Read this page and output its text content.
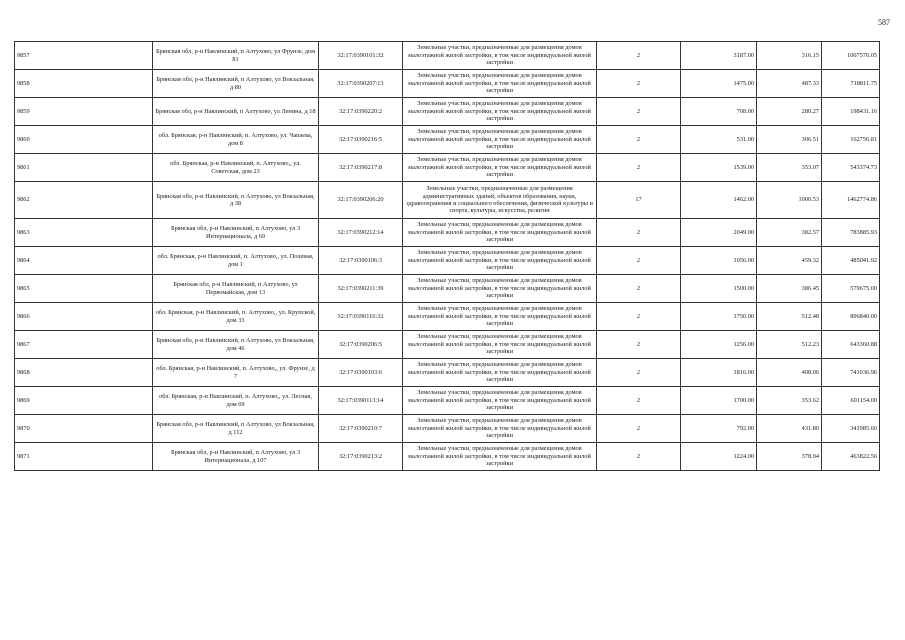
587
9857	Брянская обл, р-н Навлинский, п Алтухово, ул Фрунзе, дом 81	32:17:0390101:32	Земельные участки, предназначенные для размещения домов малоэтажной жилой застройки, в том числе индивидуальной жилой застройки	2	3187.00	316.15	1007570.05
9858	Брянская обл, р-н Навлинский, п Алтухово, ул Вокзальная, д 80	32:17:0390207:13	Земельные участки, предназначенные для размещения домов малоэтажной жилой застройки, в том числе индивидуальной жилой застройки	2	1475.00	487.33	718811.75
9859	Брянская обл, р-н Навлинский, п Алтухово, ул Ленина, д 18	32:17:0390220:2	Земельные участки, предназначенные для размещения домов малоэтажной жилой застройки, в том числе индивидуальной жилой застройки	2	708.00	280.27	198431.16
9860	обл. Брянская, р-н Навлинский, п. Алтухово, ул. Чапаева, дом 8	32:17:0390216:5	Земельные участки, предназначенные для размещения домов малоэтажной жилой застройки, в том числе индивидуальной жилой застройки	2	531.00	306.51	162756.81
9861	обл. Брянская, р-н Навлинский, п. Алтухово,, ул. Советская, дом 23	32:17:0390217:8	Земельные участки, предназначенные для размещения домов малоэтажной жилой застройки, в том числе индивидуальной жилой застройки	2	1539.00	353.07	543374.73
9862	Брянская обл, р-н Навлинский, п Алтухово, ул Вокзальная, д 38	32:17:0390206:20	Земельные участки, предназначенные для размещения административных зданий, объектов образования, науки, здравоохранения и социального обеспечения, физической культуры и спорта, культуры, искусства, религии	17	1462.00	1000.53	1462774.86
9863	Брянская обл, р-н Навлинский, п Алтухово, ул 3 Интернационала, д 69	32:17:0390212:14	Земельные участки, предназначенные для размещения домов малоэтажной жилой застройки, в том числе индивидуальной жилой застройки	2	2049.00	382.57	783885.93
9864	обл. Брянская, р-н Навлинский, п. Алтухово,, ул. Полевая, дом 1	32:17:0390106:3	Земельные участки, предназначенные для размещения домов малоэтажной жилой застройки, в том числе индивидуальной жилой застройки	2	1056.00	459.32	485041.92
9865	Брянская обл, р-н Навлинский, п Алтухово, ул Первомайская, дом 13	32:17:0390211:39	Земельные участки, предназначенные для размещения домов малоэтажной жилой застройки, в том числе индивидуальной жилой застройки	2	1500.00	386.45	579675.00
9866	обл. Брянская, р-н Навлинский, п. Алтухово,, ул. Крупской, дом 33	32:17:0390116:32	Земельные участки, предназначенные для размещения домов малоэтажной жилой застройки, в том числе индивидуальной жилой застройки	2	1750.00	512.48	896840.00
9867	Брянская обл, р-н Навлинский, п Алтухово, ул Вокзальная, дом 46	32:17:0390206:5	Земельные участки, предназначенные для размещения домов малоэтажной жилой застройки, в том числе индивидуальной жилой застройки	2	1256.00	512.23	643360.88
9868	обл. Брянская, р-н Навлинский, п. Алтухово,, ул. Фрунзе, д 7	32:17:0390103:6	Земельные участки, предназначенные для размещения домов малоэтажной жилой застройки, в том числе индивидуальной жилой застройки	2	1816.00	408.06	741036.96
9869	обл. Брянская, р-н Навлинский, п. Алтухово,, ул. Лесная, дом 69	32:17:0390113:14	Земельные участки, предназначенные для размещения домов малоэтажной жилой застройки, в том числе индивидуальной жилой застройки	2	1700.00	353.62	601154.00
9870	Брянская обл, р-н Навлинский, п Алтухово, ул Вокзальная, д 112	32:17:0390210:7	Земельные участки, предназначенные для размещения домов малоэтажной жилой застройки, в том числе индивидуальной жилой застройки	2	792.00	431.80	341985.60
9871	Брянская обл, р-н Навлинский, п Алтухово, ул 3 Интернационала, д 107	32:17:0390213:2	Земельные участки, предназначенные для размещения домов малоэтажной жилой застройки, в том числе индивидуальной жилой застройки	2	1224.00	378.94	463822.56
